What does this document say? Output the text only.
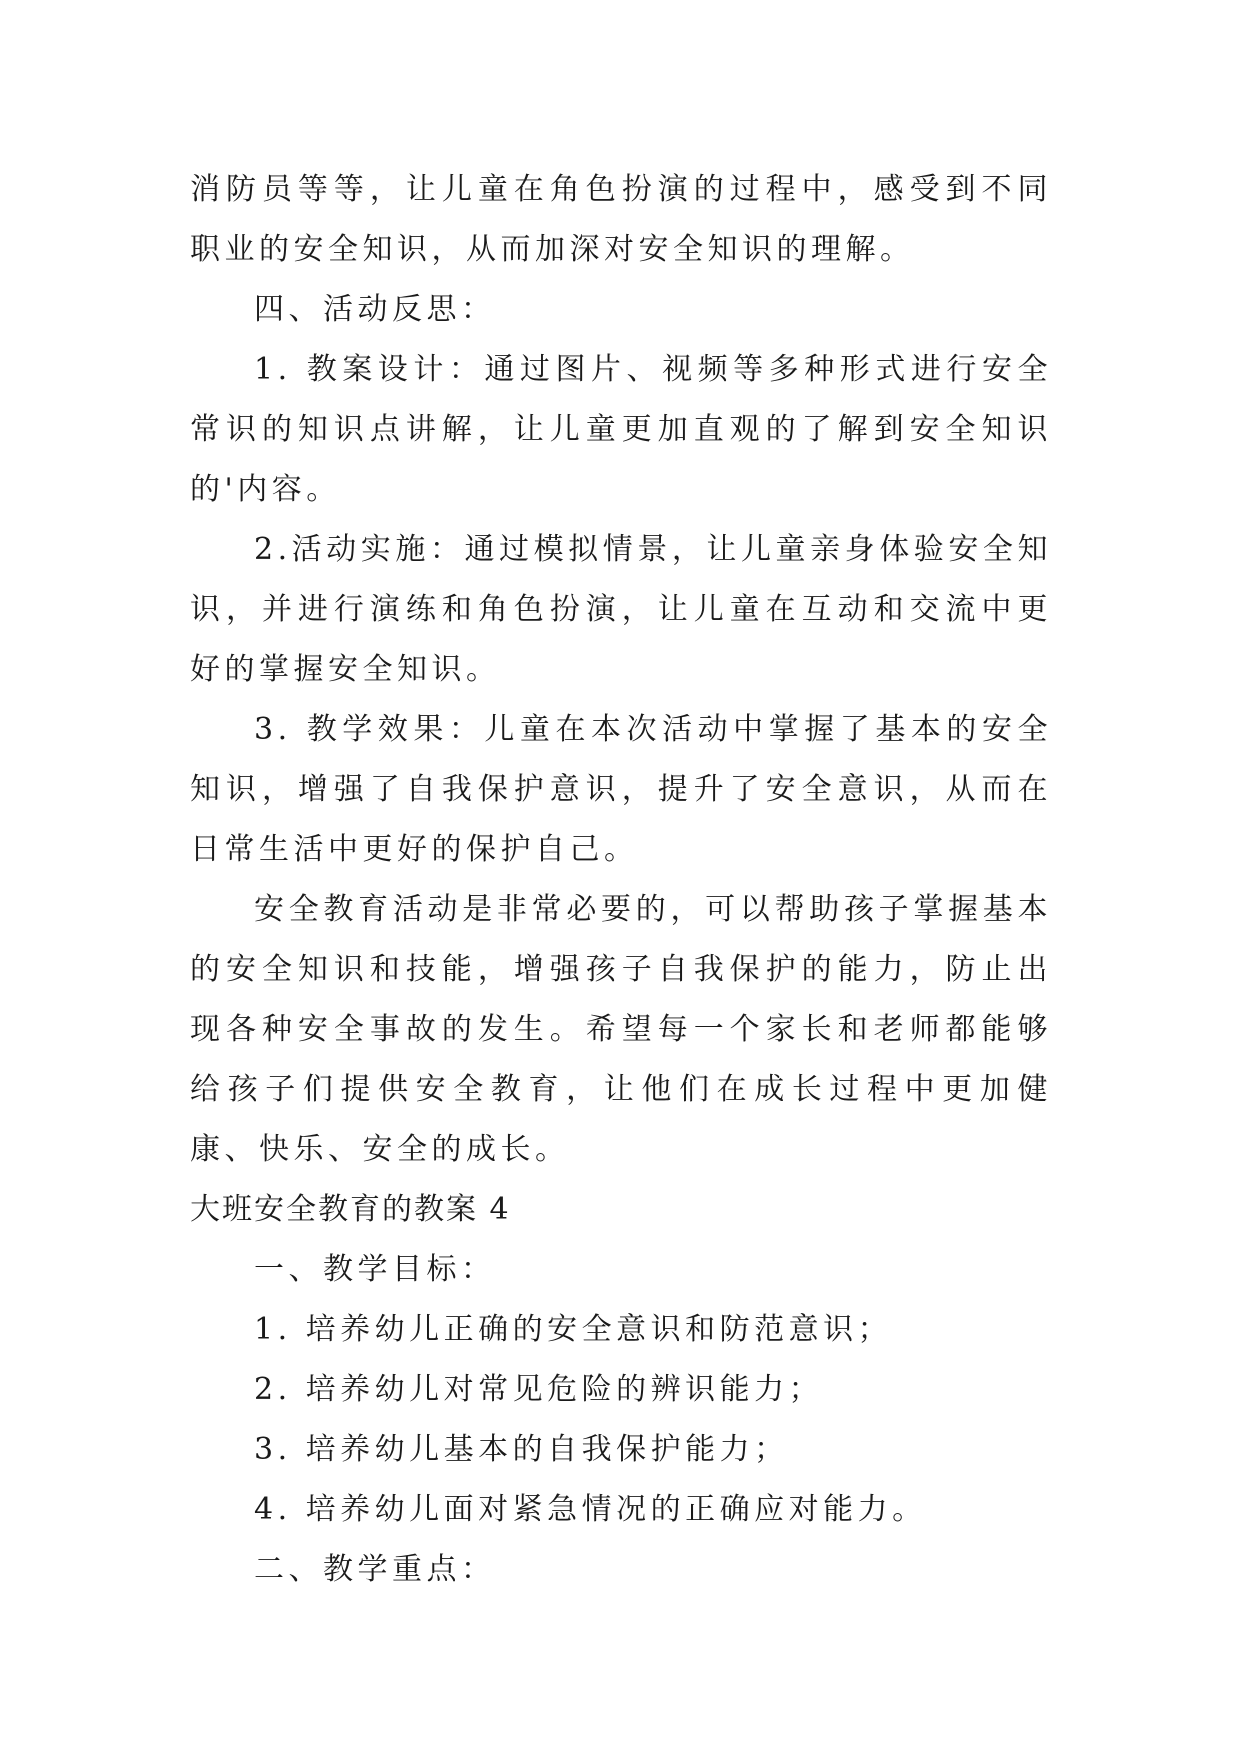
消防员等等，让儿童在角色扮演的过程中，感受到不同职业的安全知识，从而加深对安全知识的理解。

四、活动反思：

1. 教案设计：通过图片、视频等多种形式进行安全常识的知识点讲解，让儿童更加直观的了解到安全知识的'内容。

2.活动实施：通过模拟情景，让儿童亲身体验安全知识，并进行演练和角色扮演，让儿童在互动和交流中更好的掌握安全知识。

3. 教学效果：儿童在本次活动中掌握了基本的安全知识，增强了自我保护意识，提升了安全意识，从而在日常生活中更好的保护自己。

安全教育活动是非常必要的，可以帮助孩子掌握基本的安全知识和技能，增强孩子自我保护的能力，防止出现各种安全事故的发生。希望每一个家长和老师都能够给孩子们提供安全教育，让他们在成长过程中更加健康、快乐、安全的成长。

大班安全教育的教案 4

一、教学目标：

1. 培养幼儿正确的安全意识和防范意识；

2. 培养幼儿对常见危险的辨识能力；

3. 培养幼儿基本的自我保护能力；

4. 培养幼儿面对紧急情况的正确应对能力。

二、教学重点：
